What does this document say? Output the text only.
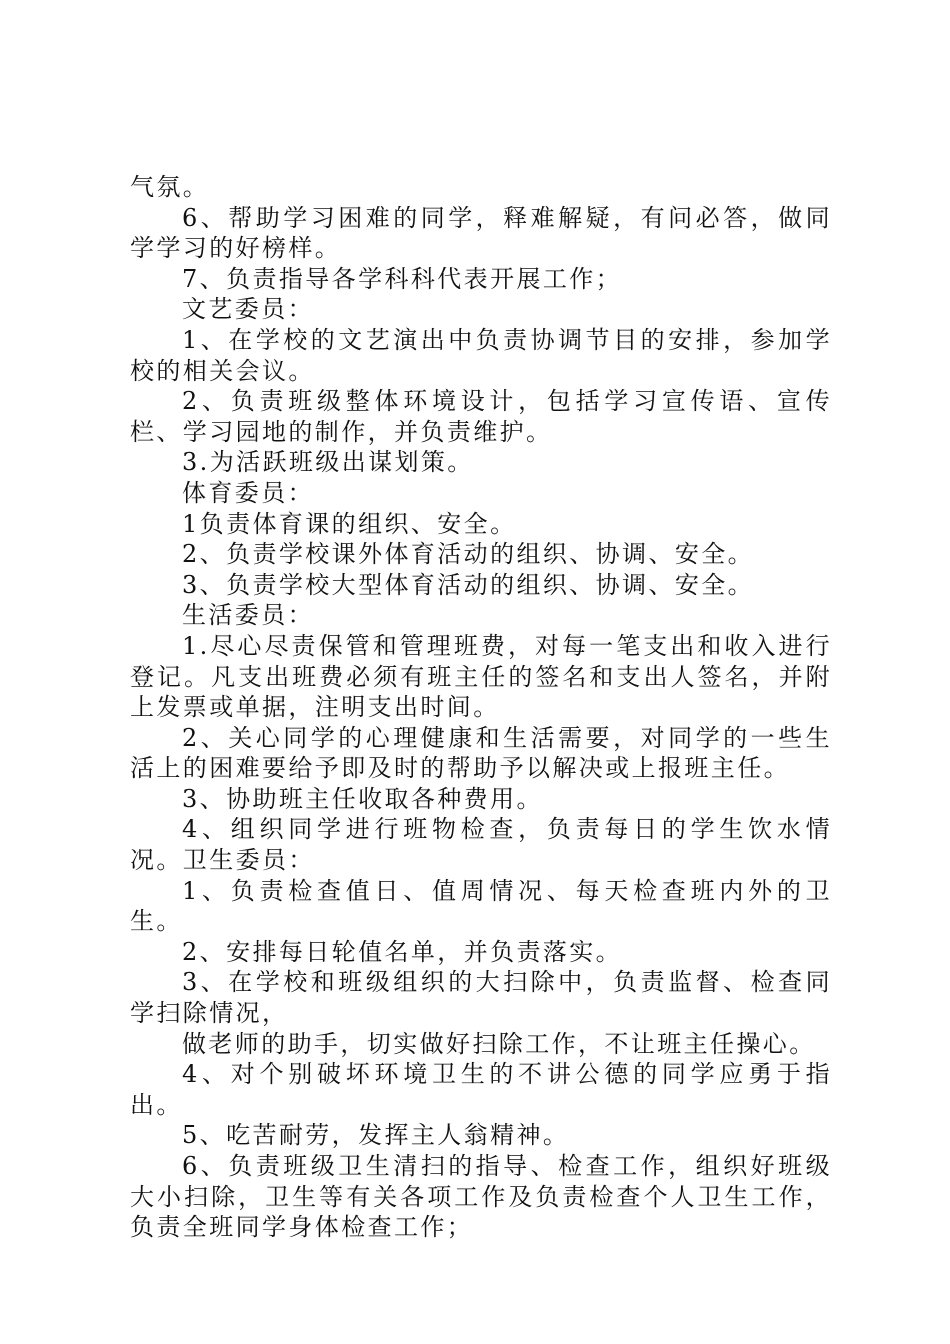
气氛。

6、帮助学习困难的同学，释难解疑，有问必答，做同学学习的好榜样。

7、负责指导各学科科代表开展工作；

文艺委员：

1、在学校的文艺演出中负责协调节目的安排，参加学校的相关会议。

2、负责班级整体环境设计，包括学习宣传语、宣传栏、学习园地的制作，并负责维护。

3.为活跃班级出谋划策。

体育委员：

1负责体育课的组织、安全。

2、负责学校课外体育活动的组织、协调、安全。

3、负责学校大型体育活动的组织、协调、安全。

生活委员：

1.尽心尽责保管和管理班费，对每一笔支出和收入进行登记。凡支出班费必须有班主任的签名和支出人签名，并附上发票或单据，注明支出时间。

2、关心同学的心理健康和生活需要，对同学的一些生活上的困难要给予即及时的帮助予以解决或上报班主任。

3、协助班主任收取各种费用。

4、组织同学进行班物检查，负责每日的学生饮水情况。卫生委员：

1、负责检查值日、值周情况、每天检查班内外的卫生。

2、安排每日轮值名单，并负责落实。

3、在学校和班级组织的大扫除中，负责监督、检查同学扫除情况，

做老师的助手，切实做好扫除工作，不让班主任操心。

4、对个别破坏环境卫生的不讲公德的同学应勇于指出。

5、吃苦耐劳，发挥主人翁精神。

6、负责班级卫生清扫的指导、检查工作，组织好班级大小扫除，卫生等有关各项工作及负责检查个人卫生工作，负责全班同学身体检查工作；
